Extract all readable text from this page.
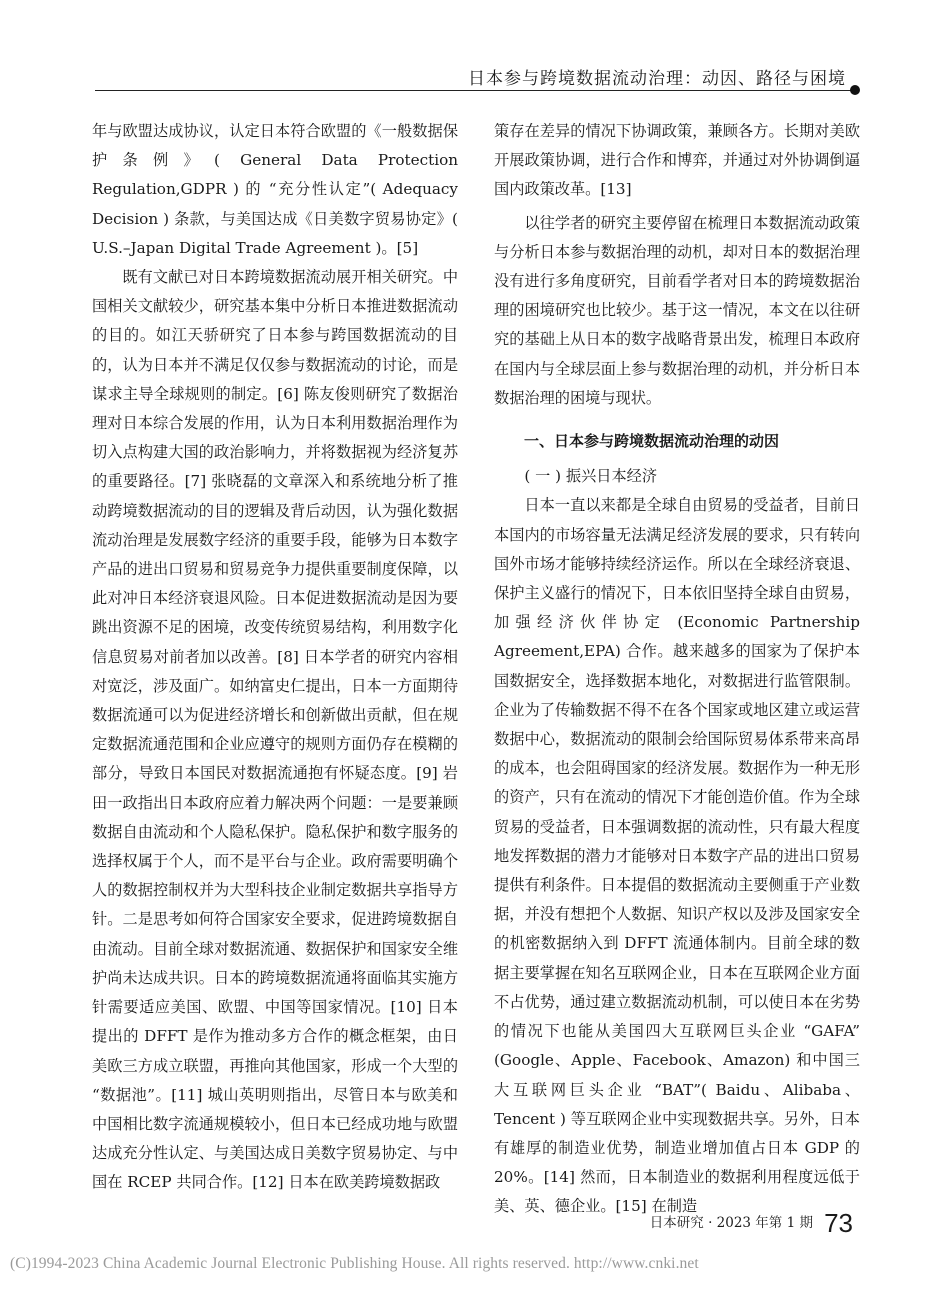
日本参与跨境数据流动治理：动因、路径与困境

年与欧盟达成协议，认定日本符合欧盟的《一般数据保护条例》( General Data Protection Regulation,GDPR ) 的 “充分性认定”( Adequacy Decision ) 条款，与美国达成《日美数字贸易协定》( U.S.–Japan Digital Trade Agreement )。[5]

既有文献已对日本跨境数据流动展开相关研究。中国相关文献较少，研究基本集中分析日本推进数据流动的目的。如江天骄研究了日本参与跨国数据流动的目的，认为日本并不满足仅仅参与数据流动的讨论，而是谋求主导全球规则的制定。[6] 陈友俊则研究了数据治理对日本综合发展的作用，认为日本利用数据治理作为切入点构建大国的政治影响力，并将数据视为经济复苏的重要路径。[7] 张晓磊的文章深入和系统地分析了推动跨境数据流动的目的逻辑及背后动因，认为强化数据流动治理是发展数字经济的重要手段，能够为日本数字产品的进出口贸易和贸易竞争力提供重要制度保障，以此对冲日本经济衰退风险。日本促进数据流动是因为要跳出资源不足的困境，改变传统贸易结构，利用数字化信息贸易对前者加以改善。[8] 日本学者的研究内容相对宽泛，涉及面广。如纳富史仁提出，日本一方面期待数据流通可以为促进经济增长和创新做出贡献，但在规定数据流通范围和企业应遵守的规则方面仍存在模糊的部分，导致日本国民对数据流通抱有怀疑态度。[9] 岩田一政指出日本政府应着力解决两个问题：一是要兼顾数据自由流动和个人隐私保护。隐私保护和数字服务的选择权属于个人，而不是平台与企业。政府需要明确个人的数据控制权并为大型科技企业制定数据共享指导方针。二是思考如何符合国家安全要求，促进跨境数据自由流动。目前全球对数据流通、数据保护和国家安全维护尚未达成共识。日本的跨境数据流通将面临其实施方针需要适应美国、欧盟、中国等国家情况。[10] 日本提出的 DFFT 是作为推动多方合作的概念框架，由日美欧三方成立联盟，再推向其他国家，形成一个大型的 “数据池”。[11] 城山英明则指出，尽管日本与欧美和中国相比数字流通规模较小，但日本已经成功地与欧盟达成充分性认定、与美国达成日美数字贸易协定、与中国在 RCEP 共同合作。[12] 日本在欧美跨境数据政

策存在差异的情况下协调政策，兼顾各方。长期对美欧开展政策协调，进行合作和博弈，并通过对外协调倒逼国内政策改革。[13]

以往学者的研究主要停留在梳理日本数据流动政策与分析日本参与数据治理的动机，却对日本的数据治理没有进行多角度研究，目前看学者对日本的跨境数据治理的困境研究也比较少。基于这一情况，本文在以往研究的基础上从日本的数字战略背景出发，梳理日本政府在国内与全球层面上参与数据治理的动机，并分析日本数据治理的困境与现状。

一、日本参与跨境数据流动治理的动因

( 一 ) 振兴日本经济

日本一直以来都是全球自由贸易的受益者，目前日本国内的市场容量无法满足经济发展的要求，只有转向国外市场才能够持续经济运作。所以在全球经济衰退、保护主义盛行的情况下，日本依旧坚持全球自由贸易，加强经济伙伴协定 (Economic Partnership Agreement,EPA) 合作。越来越多的国家为了保护本国数据安全，选择数据本地化，对数据进行监管限制。企业为了传输数据不得不在各个国家或地区建立或运营数据中心，数据流动的限制会给国际贸易体系带来高昂的成本，也会阻碍国家的经济发展。数据作为一种无形的资产，只有在流动的情况下才能创造价值。作为全球贸易的受益者，日本强调数据的流动性，只有最大程度地发挥数据的潜力才能够对日本数字产品的进出口贸易提供有利条件。日本提倡的数据流动主要侧重于产业数据，并没有想把个人数据、知识产权以及涉及国家安全的机密数据纳入到 DFFT 流通体制内。目前全球的数据主要掌握在知名互联网企业，日本在互联网企业方面不占优势，通过建立数据流动机制，可以使日本在劣势的情况下也能从美国四大互联网巨头企业 “GAFA” (Google、Apple、Facebook、Amazon) 和中国三大互联网巨头企业 “BAT”( Baidu、Alibaba、Tencent ) 等互联网企业中实现数据共享。另外，日本有雄厚的制造业优势，制造业增加值占日本 GDP 的 20%。[14] 然而，日本制造业的数据利用程度远低于美、英、德企业。[15] 在制造

$^{日本研究 \cdot 2023 年第 1 期}$ 73
(C)1994-2023 China Academic Journal Electronic Publishing House. All rights reserved. http://www.cnki.net
